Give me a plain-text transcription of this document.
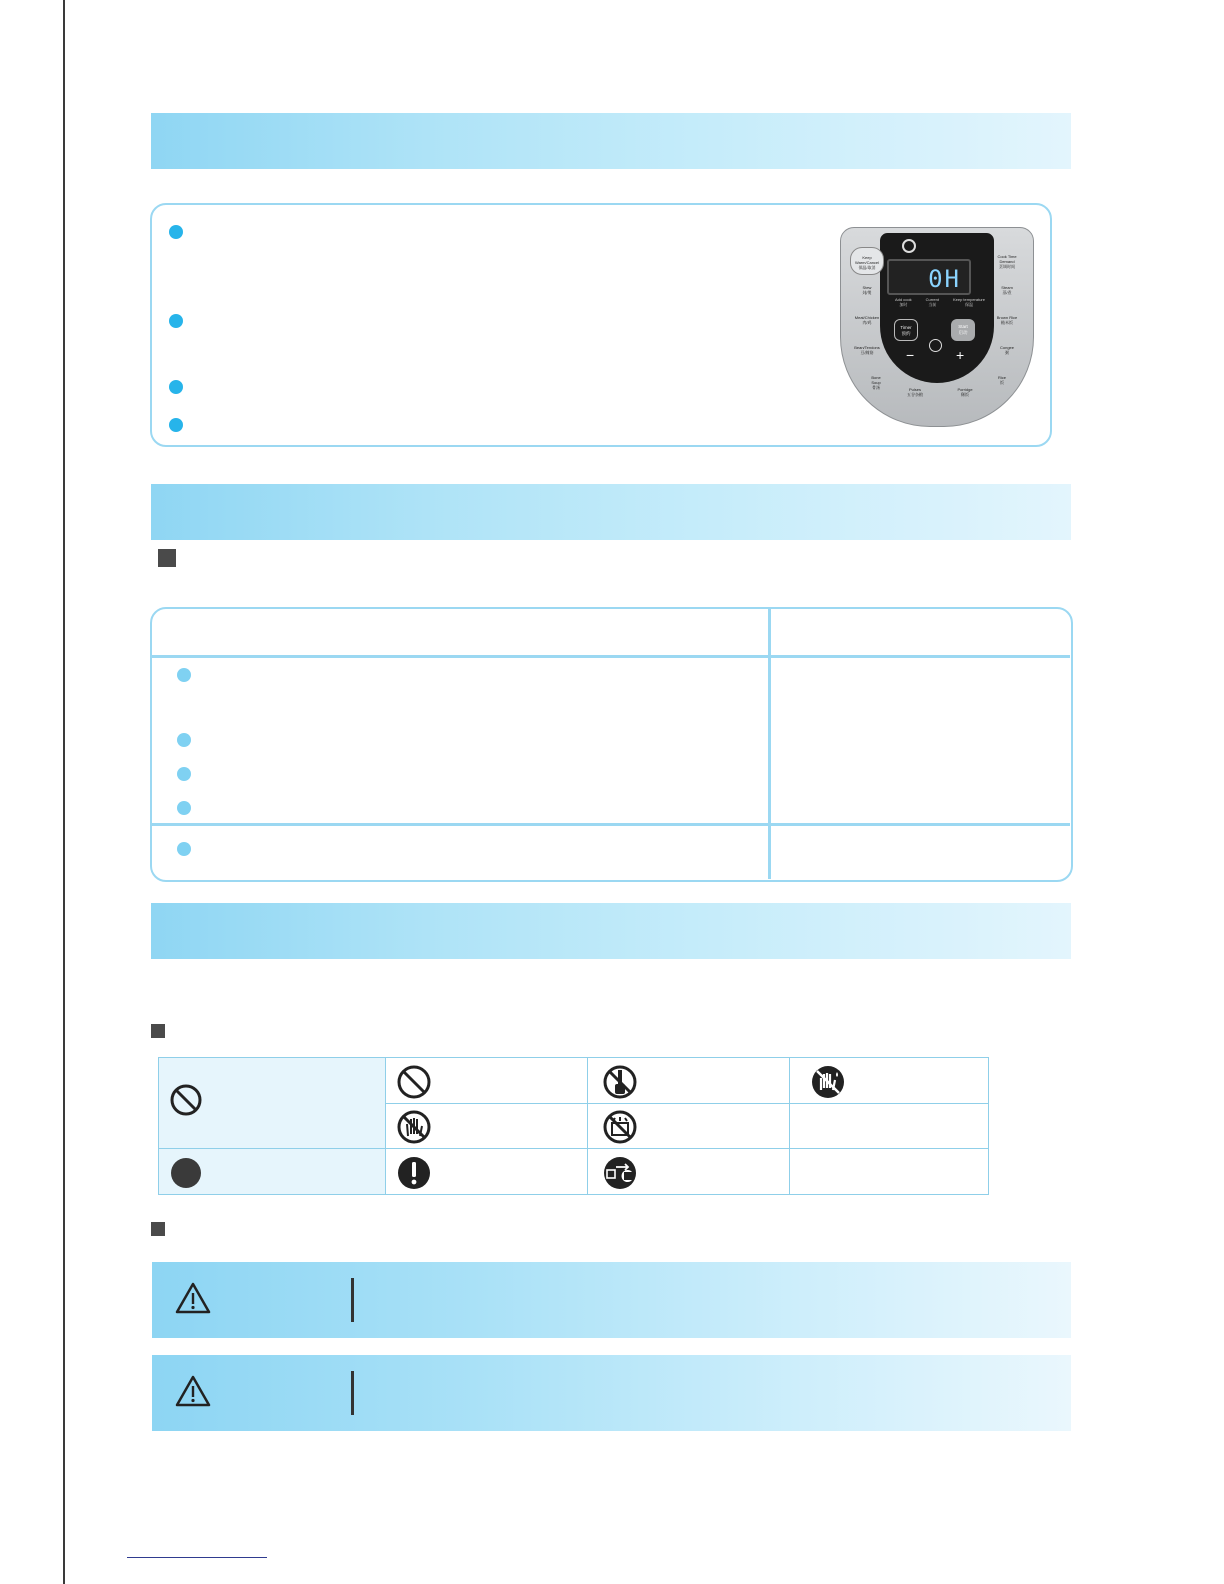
0H
Add cook
加时
Current
当前
Keep temperature
保温
Timer
预约
Start
启动
−	+
Keep Warm/Cancel
保温/取消
Stew
炖/煲
Meat/Chicken
肉/鸡
Bean/Tendons
豆/蹄筋
Bone Soup
骨汤
Cook Time Demand
烹调时间
Steam
蒸/煮
Brown Rice
糙米饭
Congee
粥
Rice
饭
Pulses
五谷杂粮
Porridge
稀饭
